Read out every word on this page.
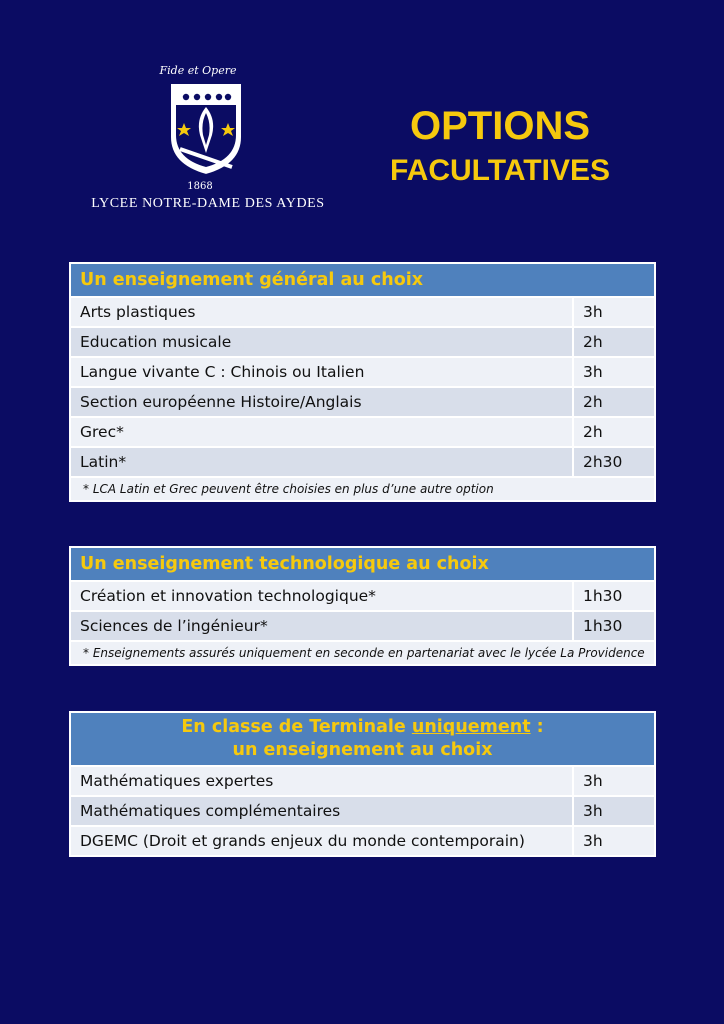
Fide et Opere
1868
LYCEE NOTRE-DAME DES AYDES
OPTIONS
FACULTATIVES
Un enseignement général au choix	
Arts plastiques	3h
Education musicale	2h
Langue vivante C : Chinois ou Italien	3h
Section européenne Histoire/Anglais	2h
Grec*	2h
Latin*	2h30
* LCA Latin et Grec peuvent être choisies en plus d’une autre option	
Un enseignement technologique au choix	
Création et innovation technologique*	1h30
Sciences de l’ingénieur*	1h30
* Enseignements assurés uniquement en seconde en partenariat avec le lycée La Providence	
En classe de Terminale uniquement :
un enseignement au choix	
Mathématiques expertes	3h
Mathématiques complémentaires	3h
DGEMC (Droit et grands enjeux du monde contemporain)	3h
